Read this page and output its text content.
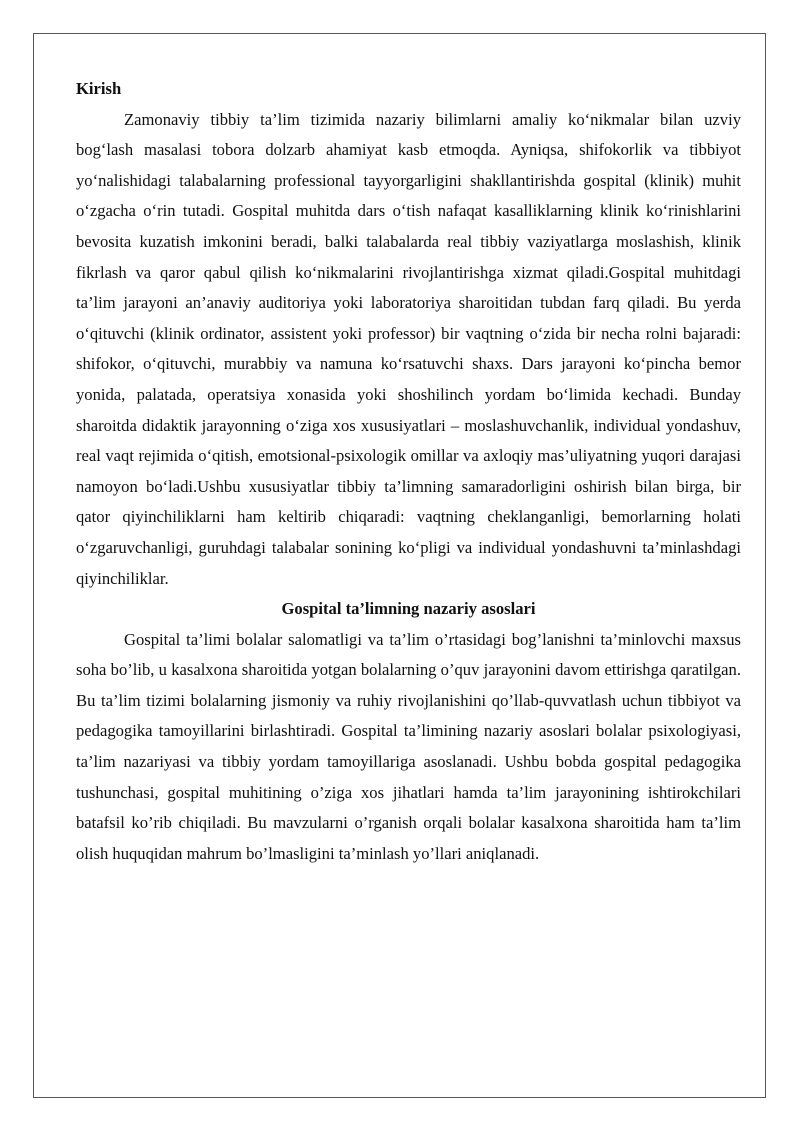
Kirish

Zamonaviy tibbiy ta’lim tizimida nazariy bilimlarni amaliy ko‘nikmalar bilan uzviy bog‘lash masalasi tobora dolzarb ahamiyat kasb etmoqda. Ayniqsa, shifokorlik va tibbiyot yo‘nalishidagi talabalarning professional tayyorgarligini shakllantirishda gospital (klinik) muhit o‘zgacha o‘rin tutadi. Gospital muhitda dars o‘tish nafaqat kasalliklarning klinik ko‘rinishlarini bevosita kuzatish imkonini beradi, balki talabalarda real tibbiy vaziyatlarga moslashish, klinik fikrlash va qaror qabul qilish ko‘nikmalarini rivojlantirishga xizmat qiladi.Gospital muhitdagi ta’lim jarayoni an’anaviy auditoriya yoki laboratoriya sharoitidan tubdan farq qiladi. Bu yerda o‘qituvchi (klinik ordinator, assistent yoki professor) bir vaqtning o‘zida bir necha rolni bajaradi: shifokor, o‘qituvchi, murabbiy va namuna ko‘rsatuvchi shaxs. Dars jarayoni ko‘pincha bemor yonida, palatada, operatsiya xonasida yoki shoshilinch yordam bo‘limida kechadi. Bunday sharoitda didaktik jarayonning o‘ziga xos xususiyatlari – moslashuvchanlik, individual yondashuv, real vaqt rejimida o‘qitish, emotsional-psixologik omillar va axloqiy mas’uliyatning yuqori darajasi namoyon bo‘ladi.Ushbu xususiyatlar tibbiy ta’limning samaradorligini oshirish bilan birga, bir qator qiyinchiliklarni ham keltirib chiqaradi: vaqtning cheklanganligi, bemorlarning holati o‘zgaruvchanligi, guruhdagi talabalar sonining ko‘pligi va individual yondashuvni ta’minlashdagi qiyinchiliklar.

Gospital ta’limning nazariy asoslari

Gospital ta’limi bolalar salomatligi va ta’lim o’rtasidagi bog’lanishni ta’minlovchi maxsus soha bo’lib, u kasalxona sharoitida yotgan bolalarning o’quv jarayonini davom ettirishga qaratilgan. Bu ta’lim tizimi bolalarning jismoniy va ruhiy rivojlanishini qo’llab-quvvatlash uchun tibbiyot va pedagogika tamoyillarini birlashtiradi. Gospital ta’limining nazariy asoslari bolalar psixologiyasi, ta’lim nazariyasi va tibbiy yordam tamoyillariga asoslanadi. Ushbu bobda gospital pedagogika tushunchasi, gospital muhitining o’ziga xos jihatlari hamda ta’lim jarayonining ishtirokchilari batafsil ko’rib chiqiladi. Bu mavzularni o’rganish orqali bolalar kasalxona sharoitida ham ta’lim olish huquqidan mahrum bo’lmasligini ta’minlash yo’llari aniqlanadi.
